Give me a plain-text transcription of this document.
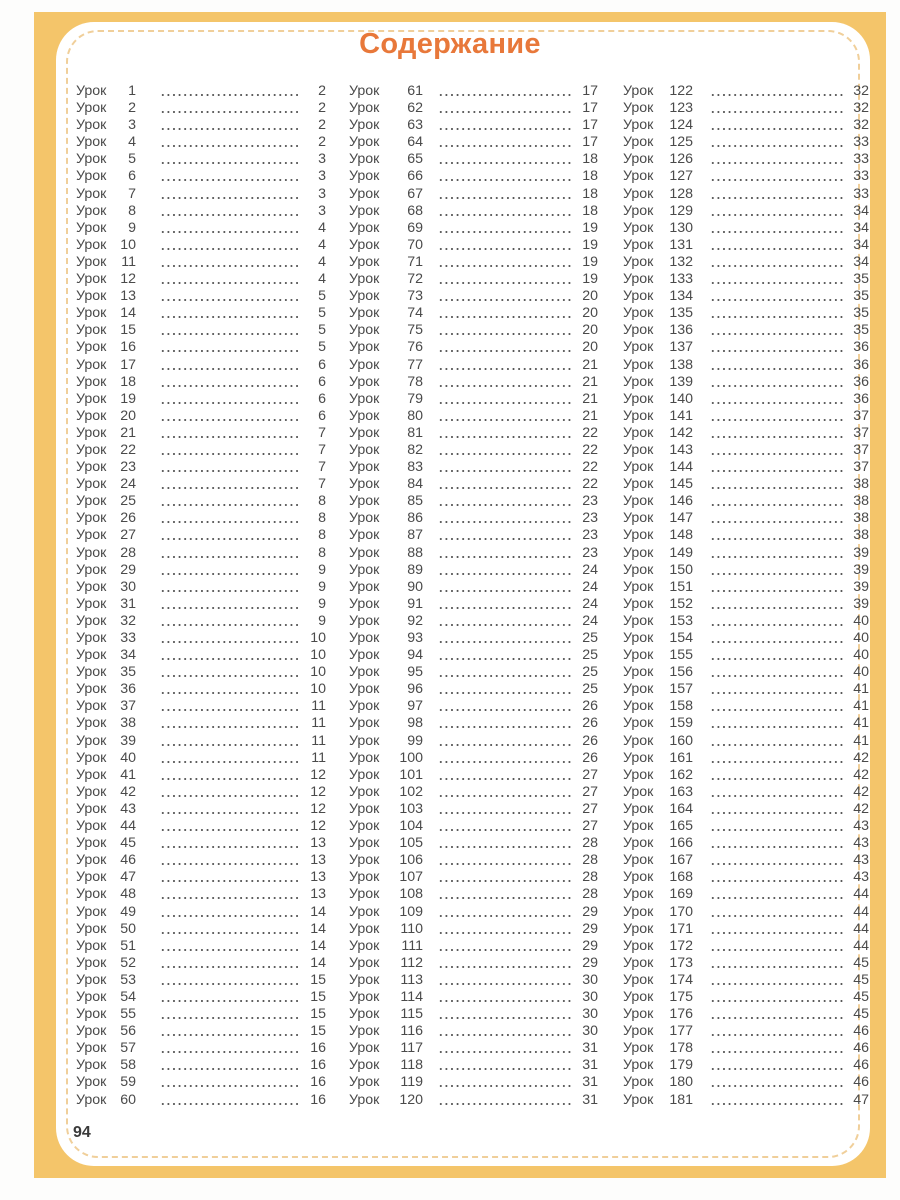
Содержание
Урок 1	2
Урок 2	2
Урок 3	2
Урок 4	2
Урок 5	3
Урок 6	3
Урок 7	3
Урок 8	3
Урок 9	4
Урок 10	4
Урок 11	4
Урок 12	4
Урок 13	5
Урок 14	5
Урок 15	5
Урок 16	5
Урок 17	6
Урок 18	6
Урок 19	6
Урок 20	6
Урок 21	7
Урок 22	7
Урок 23	7
Урок 24	7
Урок 25	8
Урок 26	8
Урок 27	8
Урок 28	8
Урок 29	9
Урок 30	9
Урок 31	9
Урок 32	9
Урок 33	10
Урок 34	10
Урок 35	10
Урок 36	10
Урок 37	11
Урок 38	11
Урок 39	11
Урок 40	11
Урок 41	12
Урок 42	12
Урок 43	12
Урок 44	12
Урок 45	13
Урок 46	13
Урок 47	13
Урок 48	13
Урок 49	14
Урок 50	14
Урок 51	14
Урок 52	14
Урок 53	15
Урок 54	15
Урок 55	15
Урок 56	15
Урок 57	16
Урок 58	16
Урок 59	16
Урок 60	16
Урок 61	17
Урок 62	17
Урок 63	17
Урок 64	17
Урок 65	18
Урок 66	18
Урок 67	18
Урок 68	18
Урок 69	19
Урок 70	19
Урок 71	19
Урок 72	19
Урок 73	20
Урок 74	20
Урок 75	20
Урок 76	20
Урок 77	21
Урок 78	21
Урок 79	21
Урок 80	21
Урок 81	22
Урок 82	22
Урок 83	22
Урок 84	22
Урок 85	23
Урок 86	23
Урок 87	23
Урок 88	23
Урок 89	24
Урок 90	24
Урок 91	24
Урок 92	24
Урок 93	25
Урок 94	25
Урок 95	25
Урок 96	25
Урок 97	26
Урок 98	26
Урок 99	26
Урок 100	26
Урок 101	27
Урок 102	27
Урок 103	27
Урок 104	27
Урок 105	28
Урок 106	28
Урок 107	28
Урок 108	28
Урок 109	29
Урок 110	29
Урок 111	29
Урок 112	29
Урок 113	30
Урок 114	30
Урок 115	30
Урок 116	30
Урок 117	31
Урок 118	31
Урок 119	31
Урок 120	31
Урок 122	32
Урок 123	32
Урок 124	32
Урок 125	33
Урок 126	33
Урок 127	33
Урок 128	33
Урок 129	34
Урок 130	34
Урок 131	34
Урок 132	34
Урок 133	35
Урок 134	35
Урок 135	35
Урок 136	35
Урок 137	36
Урок 138	36
Урок 139	36
Урок 140	36
Урок 141	37
Урок 142	37
Урок 143	37
Урок 144	37
Урок 145	38
Урок 146	38
Урок 147	38
Урок 148	38
Урок 149	39
Урок 150	39
Урок 151	39
Урок 152	39
Урок 153	40
Урок 154	40
Урок 155	40
Урок 156	40
Урок 157	41
Урок 158	41
Урок 159	41
Урок 160	41
Урок 161	42
Урок 162	42
Урок 163	42
Урок 164	42
Урок 165	43
Урок 166	43
Урок 167	43
Урок 168	43
Урок 169	44
Урок 170	44
Урок 171	44
Урок 172	44
Урок 173	45
Урок 174	45
Урок 175	45
Урок 176	45
Урок 177	46
Урок 178	46
Урок 179	46
Урок 180	46
Урок 181	47
94
